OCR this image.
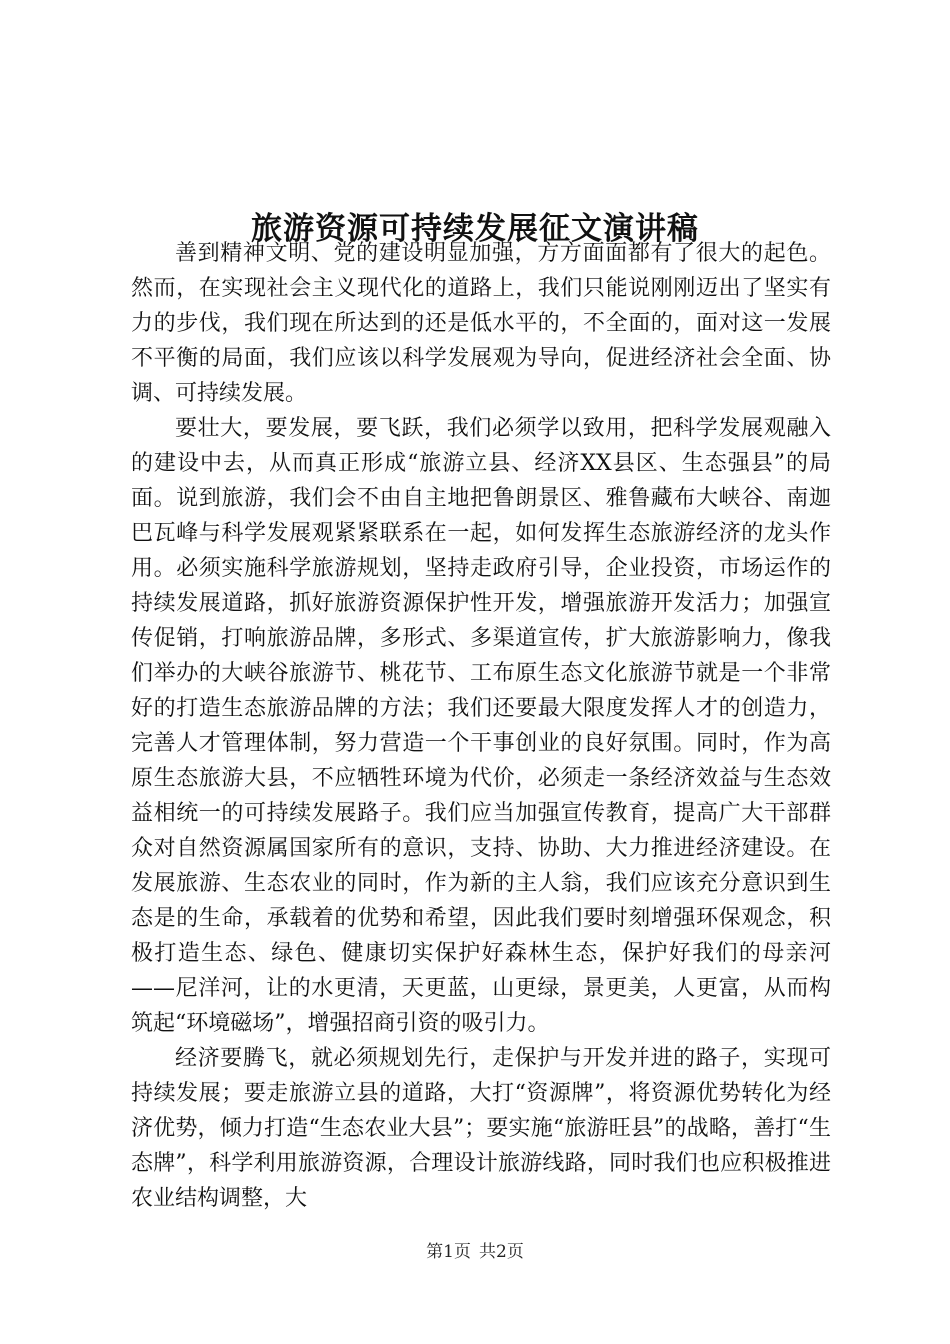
旅游资源可持续发展征文演讲稿

善到精神文明、党的建设明显加强，方方面面都有了很大的起色。然而，在实现社会主义现代化的道路上，我们只能说刚刚迈出了坚实有力的步伐，我们现在所达到的还是低水平的，不全面的，面对这一发展不平衡的局面，我们应该以科学发展观为导向，促进经济社会全面、协调、可持续发展。

要壮大，要发展，要飞跃，我们必须学以致用，把科学发展观融入的建设中去，从而真正形成“旅游立县、经济XX县区、生态强县”的局面。说到旅游，我们会不由自主地把鲁朗景区、雅鲁藏布大峡谷、南迦巴瓦峰与科学发展观紧紧联系在一起，如何发挥生态旅游经济的龙头作用。必须实施科学旅游规划，坚持走政府引导，企业投资，市场运作的持续发展道路，抓好旅游资源保护性开发，增强旅游开发活力；加强宣传促销，打响旅游品牌，多形式、多渠道宣传，扩大旅游影响力，像我们举办的大峡谷旅游节、桃花节、工布原生态文化旅游节就是一个非常好的打造生态旅游品牌的方法；我们还要最大限度发挥人才的创造力，完善人才管理体制，努力营造一个干事创业的良好氛围。同时，作为高原生态旅游大县，不应牺牲环境为代价，必须走一条经济效益与生态效益相统一的可持续发展路子。我们应当加强宣传教育，提高广大干部群众对自然资源属国家所有的意识，支持、协助、大力推进经济建设。在发展旅游、生态农业的同时，作为新的主人翁，我们应该充分意识到生态是的生命，承载着的优势和希望，因此我们要时刻增强环保观念，积极打造生态、绿色、健康切实保护好森林生态，保护好我们的母亲河——尼洋河，让的水更清，天更蓝，山更绿，景更美，人更富，从而构筑起“环境磁场”，增强招商引资的吸引力。

经济要腾飞，就必须规划先行，走保护与开发并进的路子，实现可持续发展；要走旅游立县的道路，大打“资源牌”，将资源优势转化为经济优势，倾力打造“生态农业大县”；要实施“旅游旺县”的战略，善打“生态牌”，科学利用旅游资源，合理设计旅游线路，同时我们也应积极推进农业结构调整，大

第1页 共2页
